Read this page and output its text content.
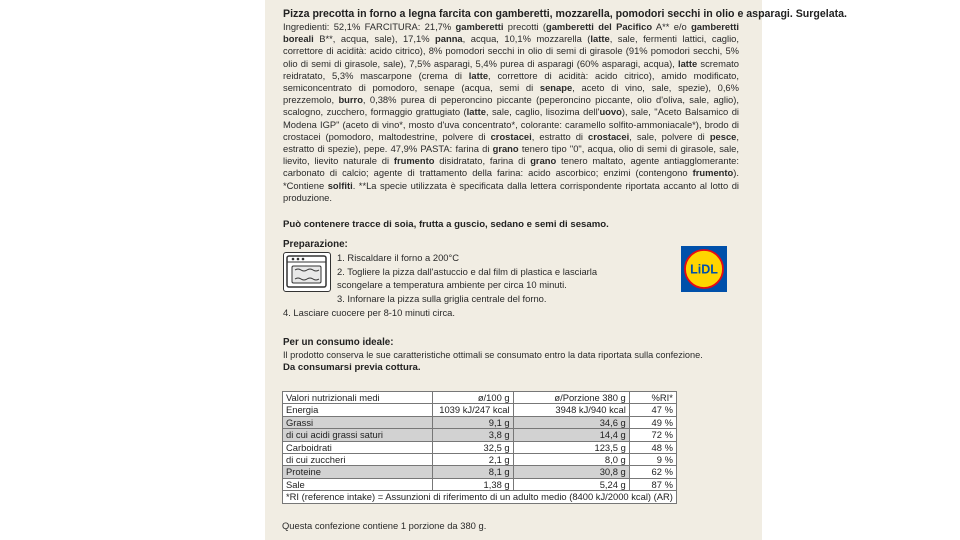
Pizza precotta in forno a legna farcita con gamberetti, mozzarella, pomodori secchi in olio e asparagi. Surgelata.
Ingredienti: 52,1% FARCITURA: 21,7% gamberetti precotti (gamberetti del Pacifico A** e/o gamberetti boreali B**, acqua, sale), 17,1% panna, acqua, 10,1% mozzarella (latte, sale, fermenti lattici, caglio, correttore di acidità: acido citrico), 8% pomodori secchi in olio di semi di girasole (91% pomodori secchi, 5% olio di semi di girasole, sale), 7,5% asparagi, 5,4% purea di asparagi (60% asparagi, acqua), latte scremato reidratato, 5,3% mascarpone (crema di latte, correttore di acidità: acido citrico), amido modificato, semiconcentrato di pomodoro, senape (acqua, semi di senape, aceto di vino, sale, spezie), 0,6% prezzemolo, burro, 0,38% purea di peperoncino piccante (peperoncino piccante, olio d'oliva, sale, aglio), scalogno, zucchero, formaggio grattugiato (latte, sale, caglio, lisozima dell'uovo), sale, "Aceto Balsamico di Modena IGP" (aceto di vino*, mosto d'uva concentrato*, colorante: caramello solfito-ammoniacale*), brodo di crostacei (pomodoro, maltodestrine, polvere di crostacei, estratto di crostacei, sale, polvere di pesce, estratto di spezie), pepe. 47,9% PASTA: farina di grano tenero tipo "0", acqua, olio di semi di girasole, sale, lievito, lievito naturale di frumento disidratato, farina di grano tenero maltato, agente antiagglomerante: carbonato di calcio; agente di trattamento della farina: acido ascorbico; enzimi (contengono frumento). *Contiene solfiti. **La specie utilizzata è specificata dalla lettera corrispondente riportata accanto al lotto di produzione.
Può contenere tracce di soia, frutta a guscio, sedano e semi di sesamo.
Preparazione:
1. Riscaldare il forno a 200°C
2. Togliere la pizza dall'astuccio e dal film di plastica e lasciarla
scongelare a temperatura ambiente per circa 10 minuti.
3. Infornare la pizza sulla griglia centrale del forno.
4. Lasciare cuocere per 8-10 minuti circa.
LiDL
Per un consumo ideale:
Il prodotto conserva le sue caratteristiche ottimali se consumato entro la data riportata sulla confezione.
Da consumarsi previa cottura.
Valori nutrizionali medi	ø/100 g	ø/Porzione 380 g	%RI*
Energia	1039 kJ/247 kcal	3948 kJ/940 kcal	47 %
Grassi	9,1 g	34,6 g	49 %
di cui acidi grassi saturi	3,8 g	14,4 g	72 %
Carboidrati	32,5 g	123,5 g	48 %
di cui zuccheri	2,1 g	8,0 g	9 %
Proteine	8,1 g	30,8 g	62 %
Sale	1,38 g	5,24 g	87 %
*RI (reference intake) = Assunzioni di riferimento di un adulto medio (8400 kJ/2000 kcal) (AR)			
Questa confezione contiene 1 porzione da 380 g.
